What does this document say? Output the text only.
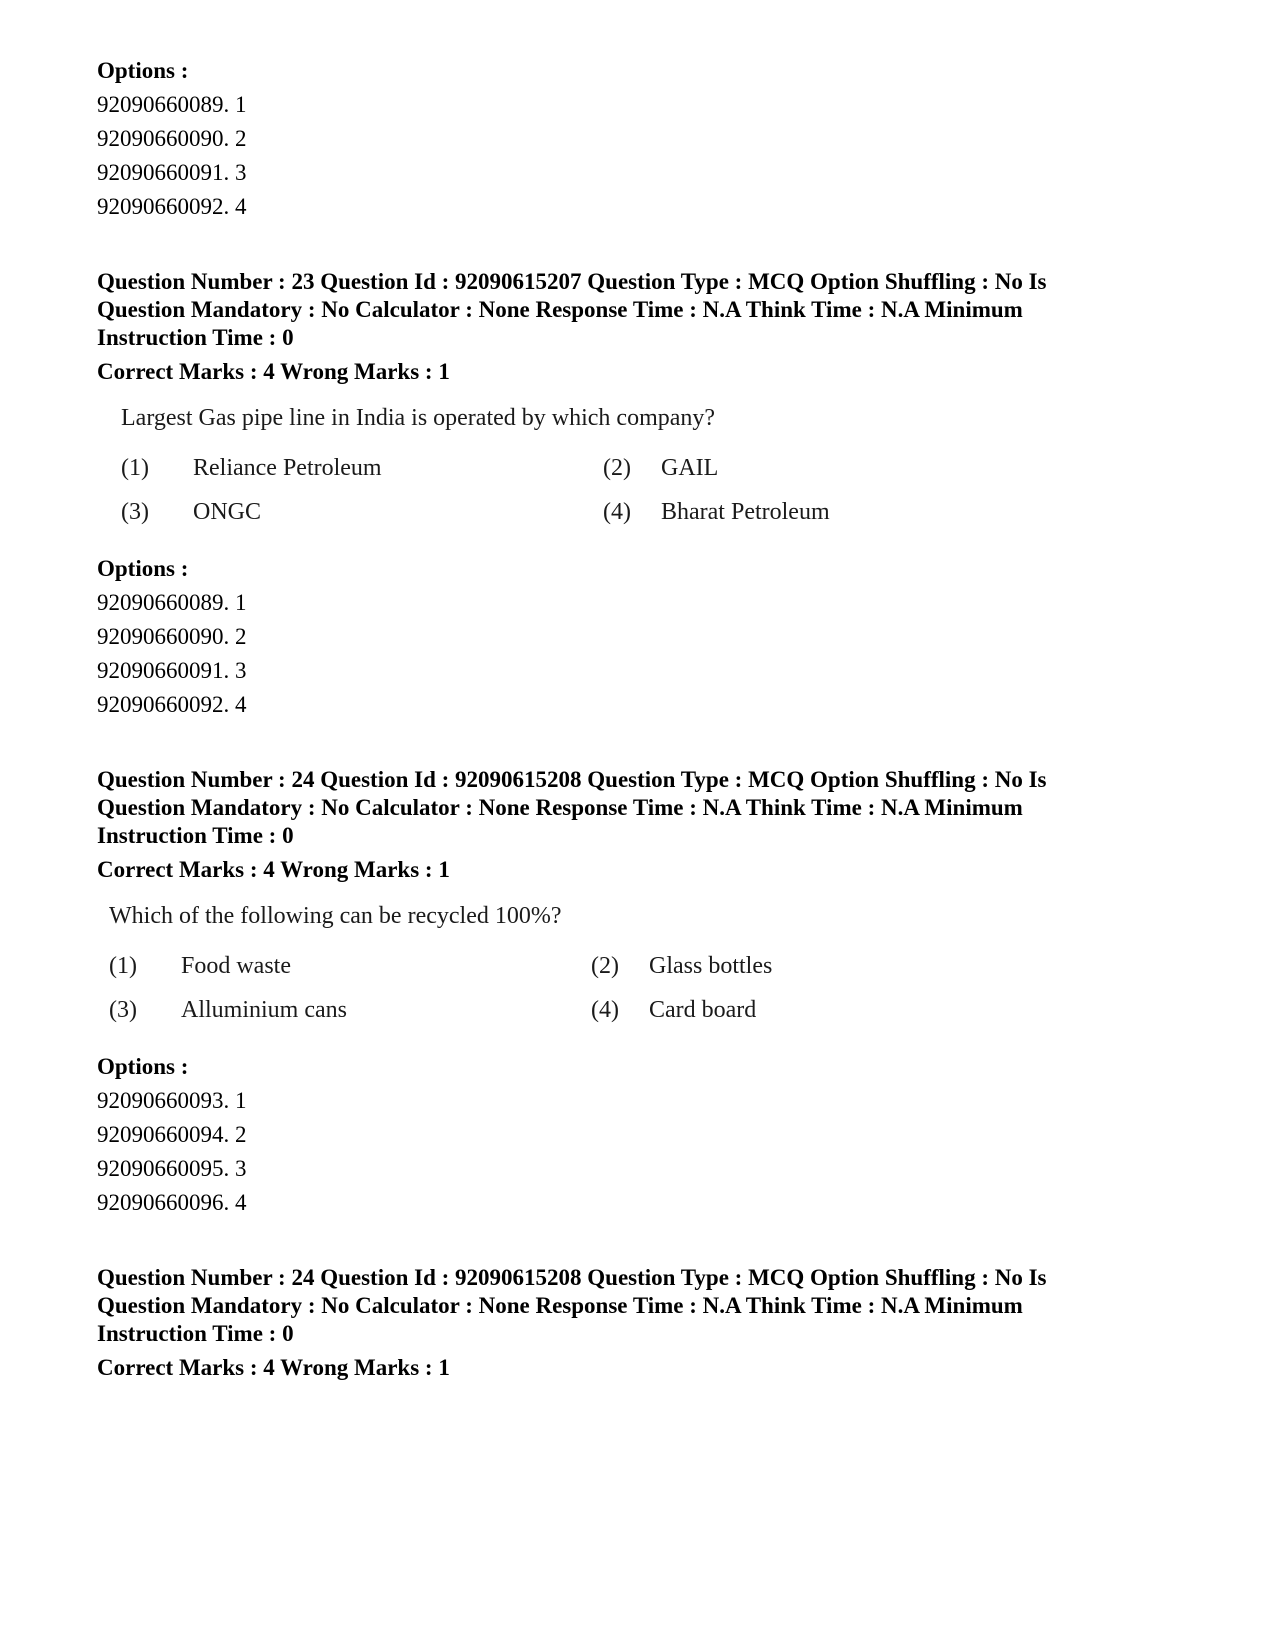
Options :
92090660089. 1
92090660090. 2
92090660091. 3
92090660092. 4
Question Number : 23 Question Id : 92090615207 Question Type : MCQ Option Shuffling : No Is Question Mandatory : No Calculator : None Response Time : N.A Think Time : N.A Minimum Instruction Time : 0
Correct Marks : 4 Wrong Marks : 1
Largest Gas pipe line in India is operated by which company?
(1)	Reliance Petroleum	(2)	GAIL
(3)	ONGC	(4)	Bharat Petroleum
Options :
92090660089. 1
92090660090. 2
92090660091. 3
92090660092. 4
Question Number : 24 Question Id : 92090615208 Question Type : MCQ Option Shuffling : No Is Question Mandatory : No Calculator : None Response Time : N.A Think Time : N.A Minimum Instruction Time : 0
Correct Marks : 4 Wrong Marks : 1
Which of the following can be recycled 100%?
(1)	Food waste	(2)	Glass bottles
(3)	Alluminium cans	(4)	Card board
Options :
92090660093. 1
92090660094. 2
92090660095. 3
92090660096. 4
Question Number : 24 Question Id : 92090615208 Question Type : MCQ Option Shuffling : No Is Question Mandatory : No Calculator : None Response Time : N.A Think Time : N.A Minimum Instruction Time : 0
Correct Marks : 4 Wrong Marks : 1
